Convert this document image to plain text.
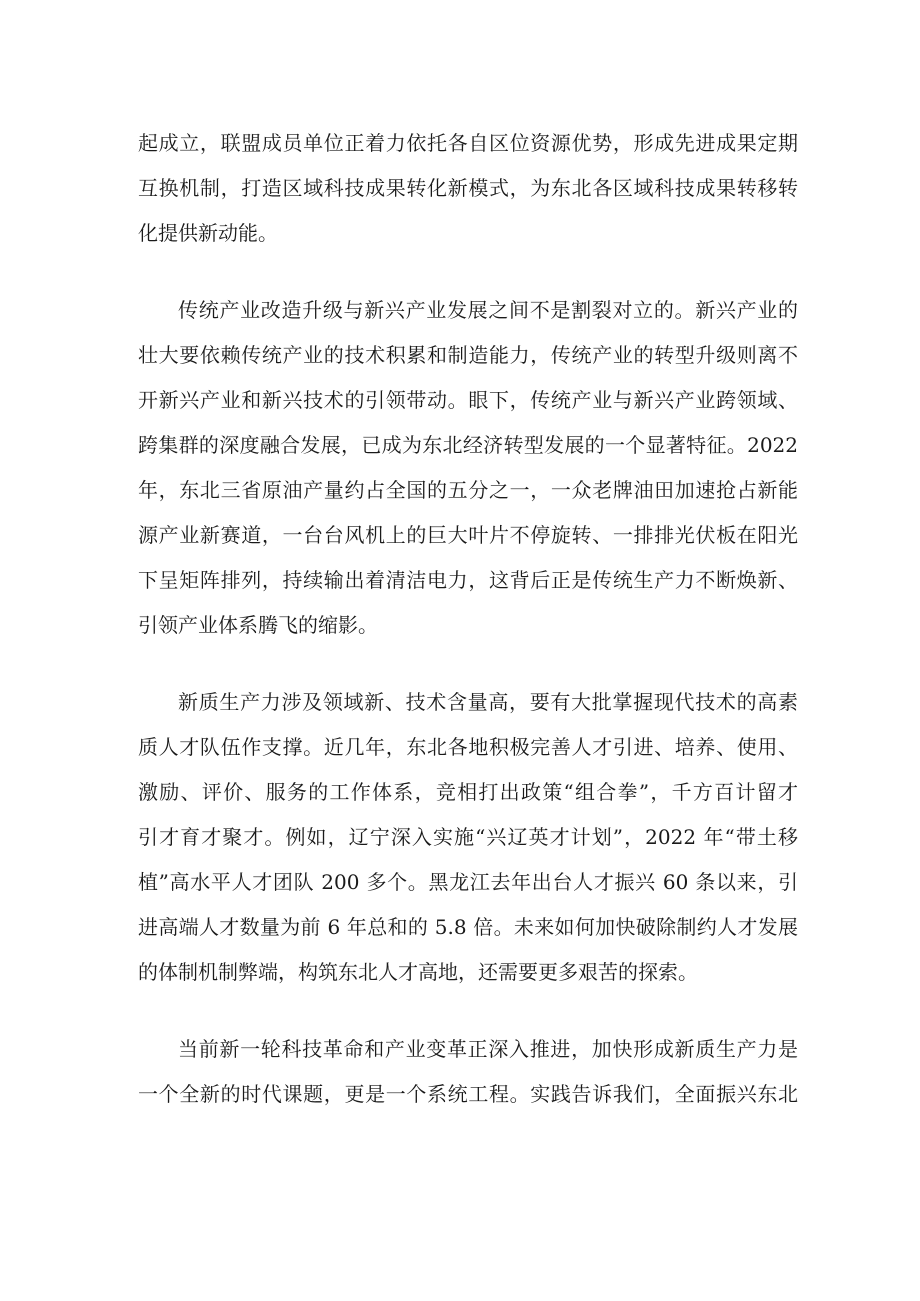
起成立，联盟成员单位正着力依托各自区位资源优势，形成先进成果定期
互换机制，打造区域科技成果转化新模式，为东北各区域科技成果转移转
化提供新动能。
传统产业改造升级与新兴产业发展之间不是割裂对立的。新兴产业的
壮大要依赖传统产业的技术积累和制造能力，传统产业的转型升级则离不
开新兴产业和新兴技术的引领带动。眼下，传统产业与新兴产业跨领域、
跨集群的深度融合发展，已成为东北经济转型发展的一个显著特征。2022
年，东北三省原油产量约占全国的五分之一，一众老牌油田加速抢占新能
源产业新赛道，一台台风机上的巨大叶片不停旋转、一排排光伏板在阳光
下呈矩阵排列，持续输出着清洁电力，这背后正是传统生产力不断焕新、
引领产业体系腾飞的缩影。
新质生产力涉及领域新、技术含量高，要有大批掌握现代技术的高素
质人才队伍作支撑。近几年，东北各地积极完善人才引进、培养、使用、
激励、评价、服务的工作体系，竞相打出政策“组合拳”，千方百计留才
引才育才聚才。例如，辽宁深入实施“兴辽英才计划”，2022 年“带土移
植”高水平人才团队 200 多个。黑龙江去年出台人才振兴 60 条以来，引
进高端人才数量为前 6 年总和的 5.8 倍。未来如何加快破除制约人才发展
的体制机制弊端，构筑东北人才高地，还需要更多艰苦的探索。
当前新一轮科技革命和产业变革正深入推进，加快形成新质生产力是
一个全新的时代课题，更是一个系统工程。实践告诉我们，全面振兴东北
